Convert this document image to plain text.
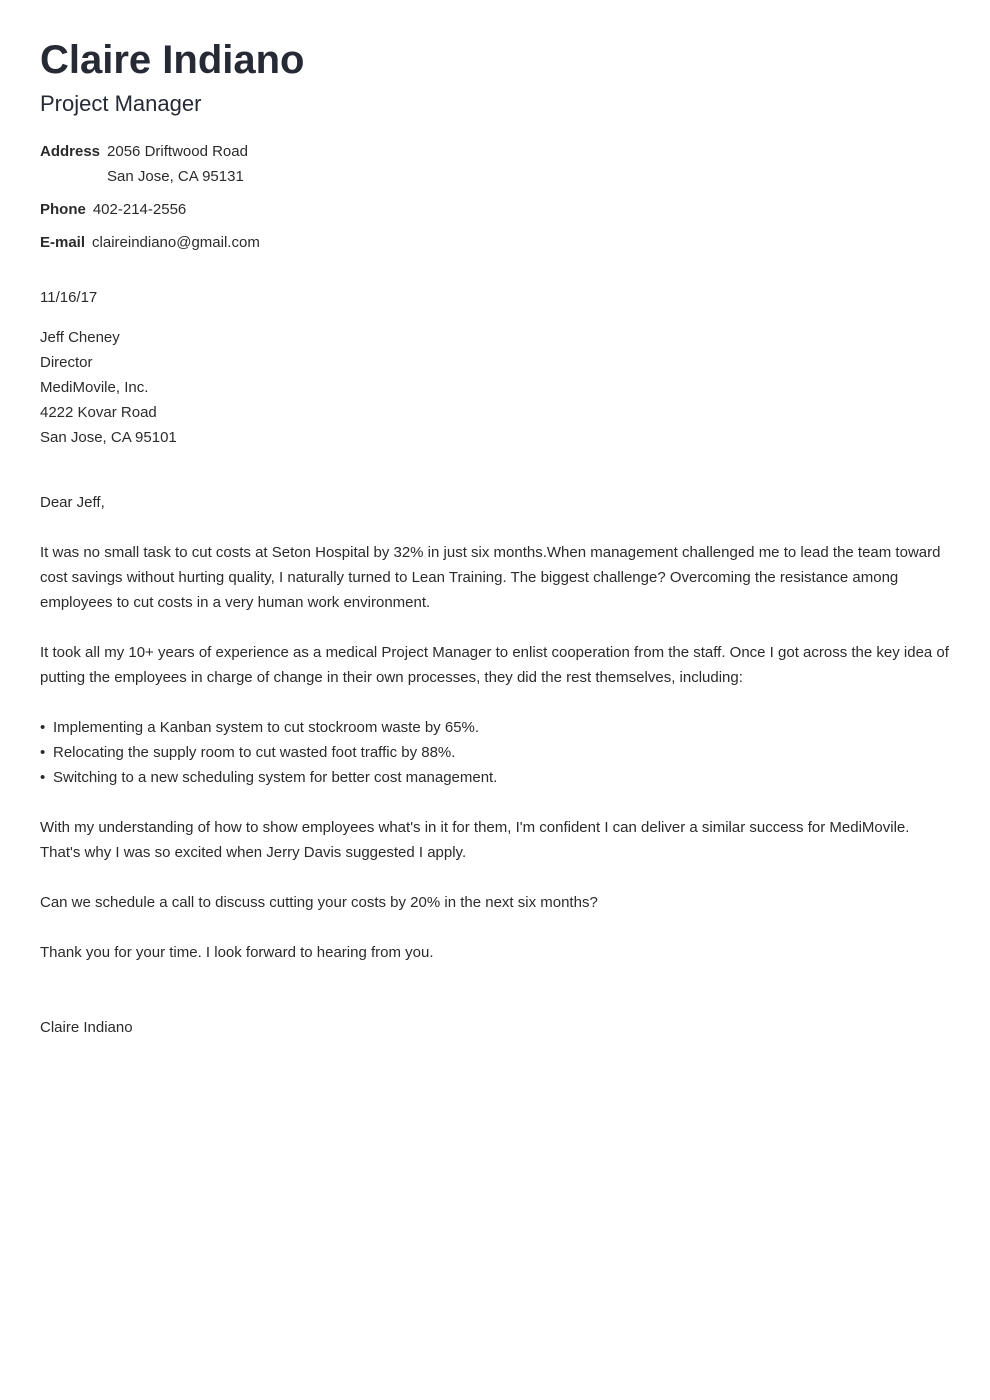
Claire Indiano
Project Manager
Address 2056 Driftwood Road
San Jose, CA 95131
Phone 402-214-2556
E-mail claireindiano@gmail.com
11/16/17
Jeff Cheney
Director
MediMovile, Inc.
4222 Kovar Road
San Jose, CA 95101
Dear Jeff,

It was no small task to cut costs at Seton Hospital by 32% in just six months.When management challenged me to lead the team toward cost savings without hurting quality, I naturally turned to Lean Training. The biggest challenge? Overcoming the resistance among employees to cut costs in a very human work environment.

It took all my 10+ years of experience as a medical Project Manager to enlist cooperation from the staff. Once I got across the key idea of putting the employees in charge of change in their own processes, they did the rest themselves, including:

• Implementing a Kanban system to cut stockroom waste by 65%.
• Relocating the supply room to cut wasted foot traffic by 88%.
• Switching to a new scheduling system for better cost management.

With my understanding of how to show employees what's in it for them, I'm confident I can deliver a similar success for MediMovile. That's why I was so excited when Jerry Davis suggested I apply.

Can we schedule a call to discuss cutting your costs by 20% in the next six months?

Thank you for your time. I look forward to hearing from you.

Claire Indiano
